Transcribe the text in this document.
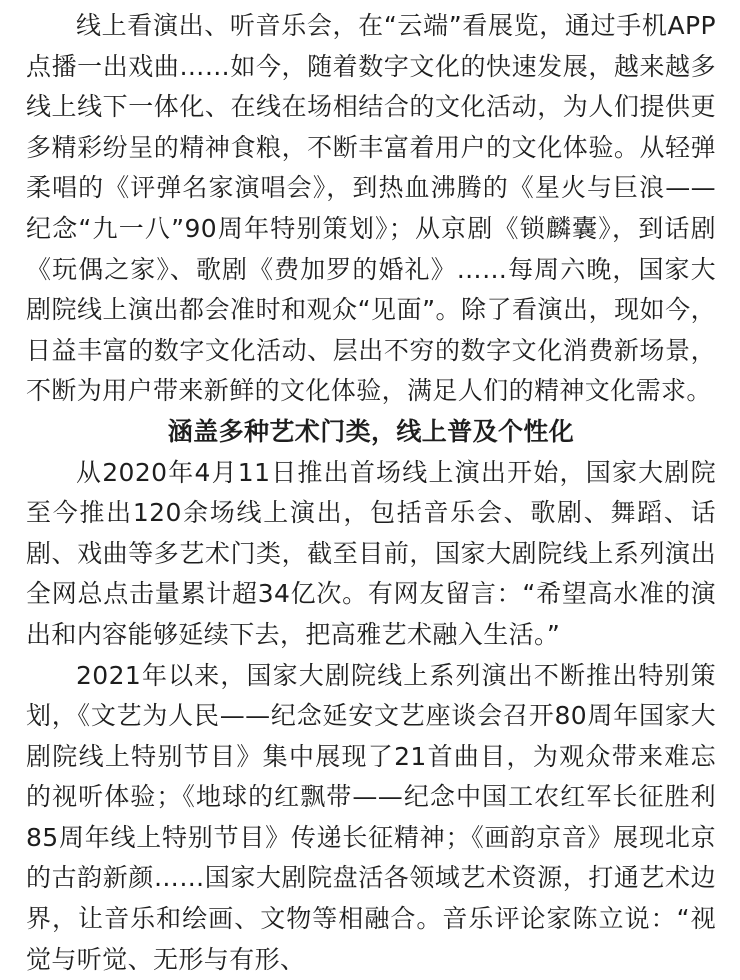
线上看演出、听音乐会，在“云端”看展览，通过手机APP点播一出戏曲……如今，随着数字文化的快速发展，越来越多线上线下一体化、在线在场相结合的文化活动，为人们提供更多精彩纷呈的精神食粮，不断丰富着用户的文化体验。从轻弹柔唱的《评弹名家演唱会》，到热血沸腾的《星火与巨浪——纪念“九一八”90周年特别策划》；从京剧《锁麟囊》，到话剧《玩偶之家》、歌剧《费加罗的婚礼》……每周六晚，国家大剧院线上演出都会准时和观众“见面”。除了看演出，现如今，日益丰富的数字文化活动、层出不穷的数字文化消费新场景，不断为用户带来新鲜的文化体验，满足人们的精神文化需求。

涵盖多种艺术门类，线上普及个性化

从2020年4月11日推出首场线上演出开始，国家大剧院至今推出120余场线上演出，包括音乐会、歌剧、舞蹈、话剧、戏曲等多艺术门类，截至目前，国家大剧院线上系列演出全网总点击量累计超34亿次。有网友留言：“希望高水准的演出和内容能够延续下去，把高雅艺术融入生活。”

2021年以来，国家大剧院线上系列演出不断推出特别策划，《文艺为人民——纪念延安文艺座谈会召开80周年国家大剧院线上特别节目》集中展现了21首曲目，为观众带来难忘的视听体验；《地球的红飘带——纪念中国工农红军长征胜利85周年线上特别节目》传递长征精神；《画韵京音》展现北京的古韵新颜……国家大剧院盘活各领域艺术资源，打通艺术边界，让音乐和绘画、文物等相融合。音乐评论家陈立说：“视觉与听觉、无形与有形、
